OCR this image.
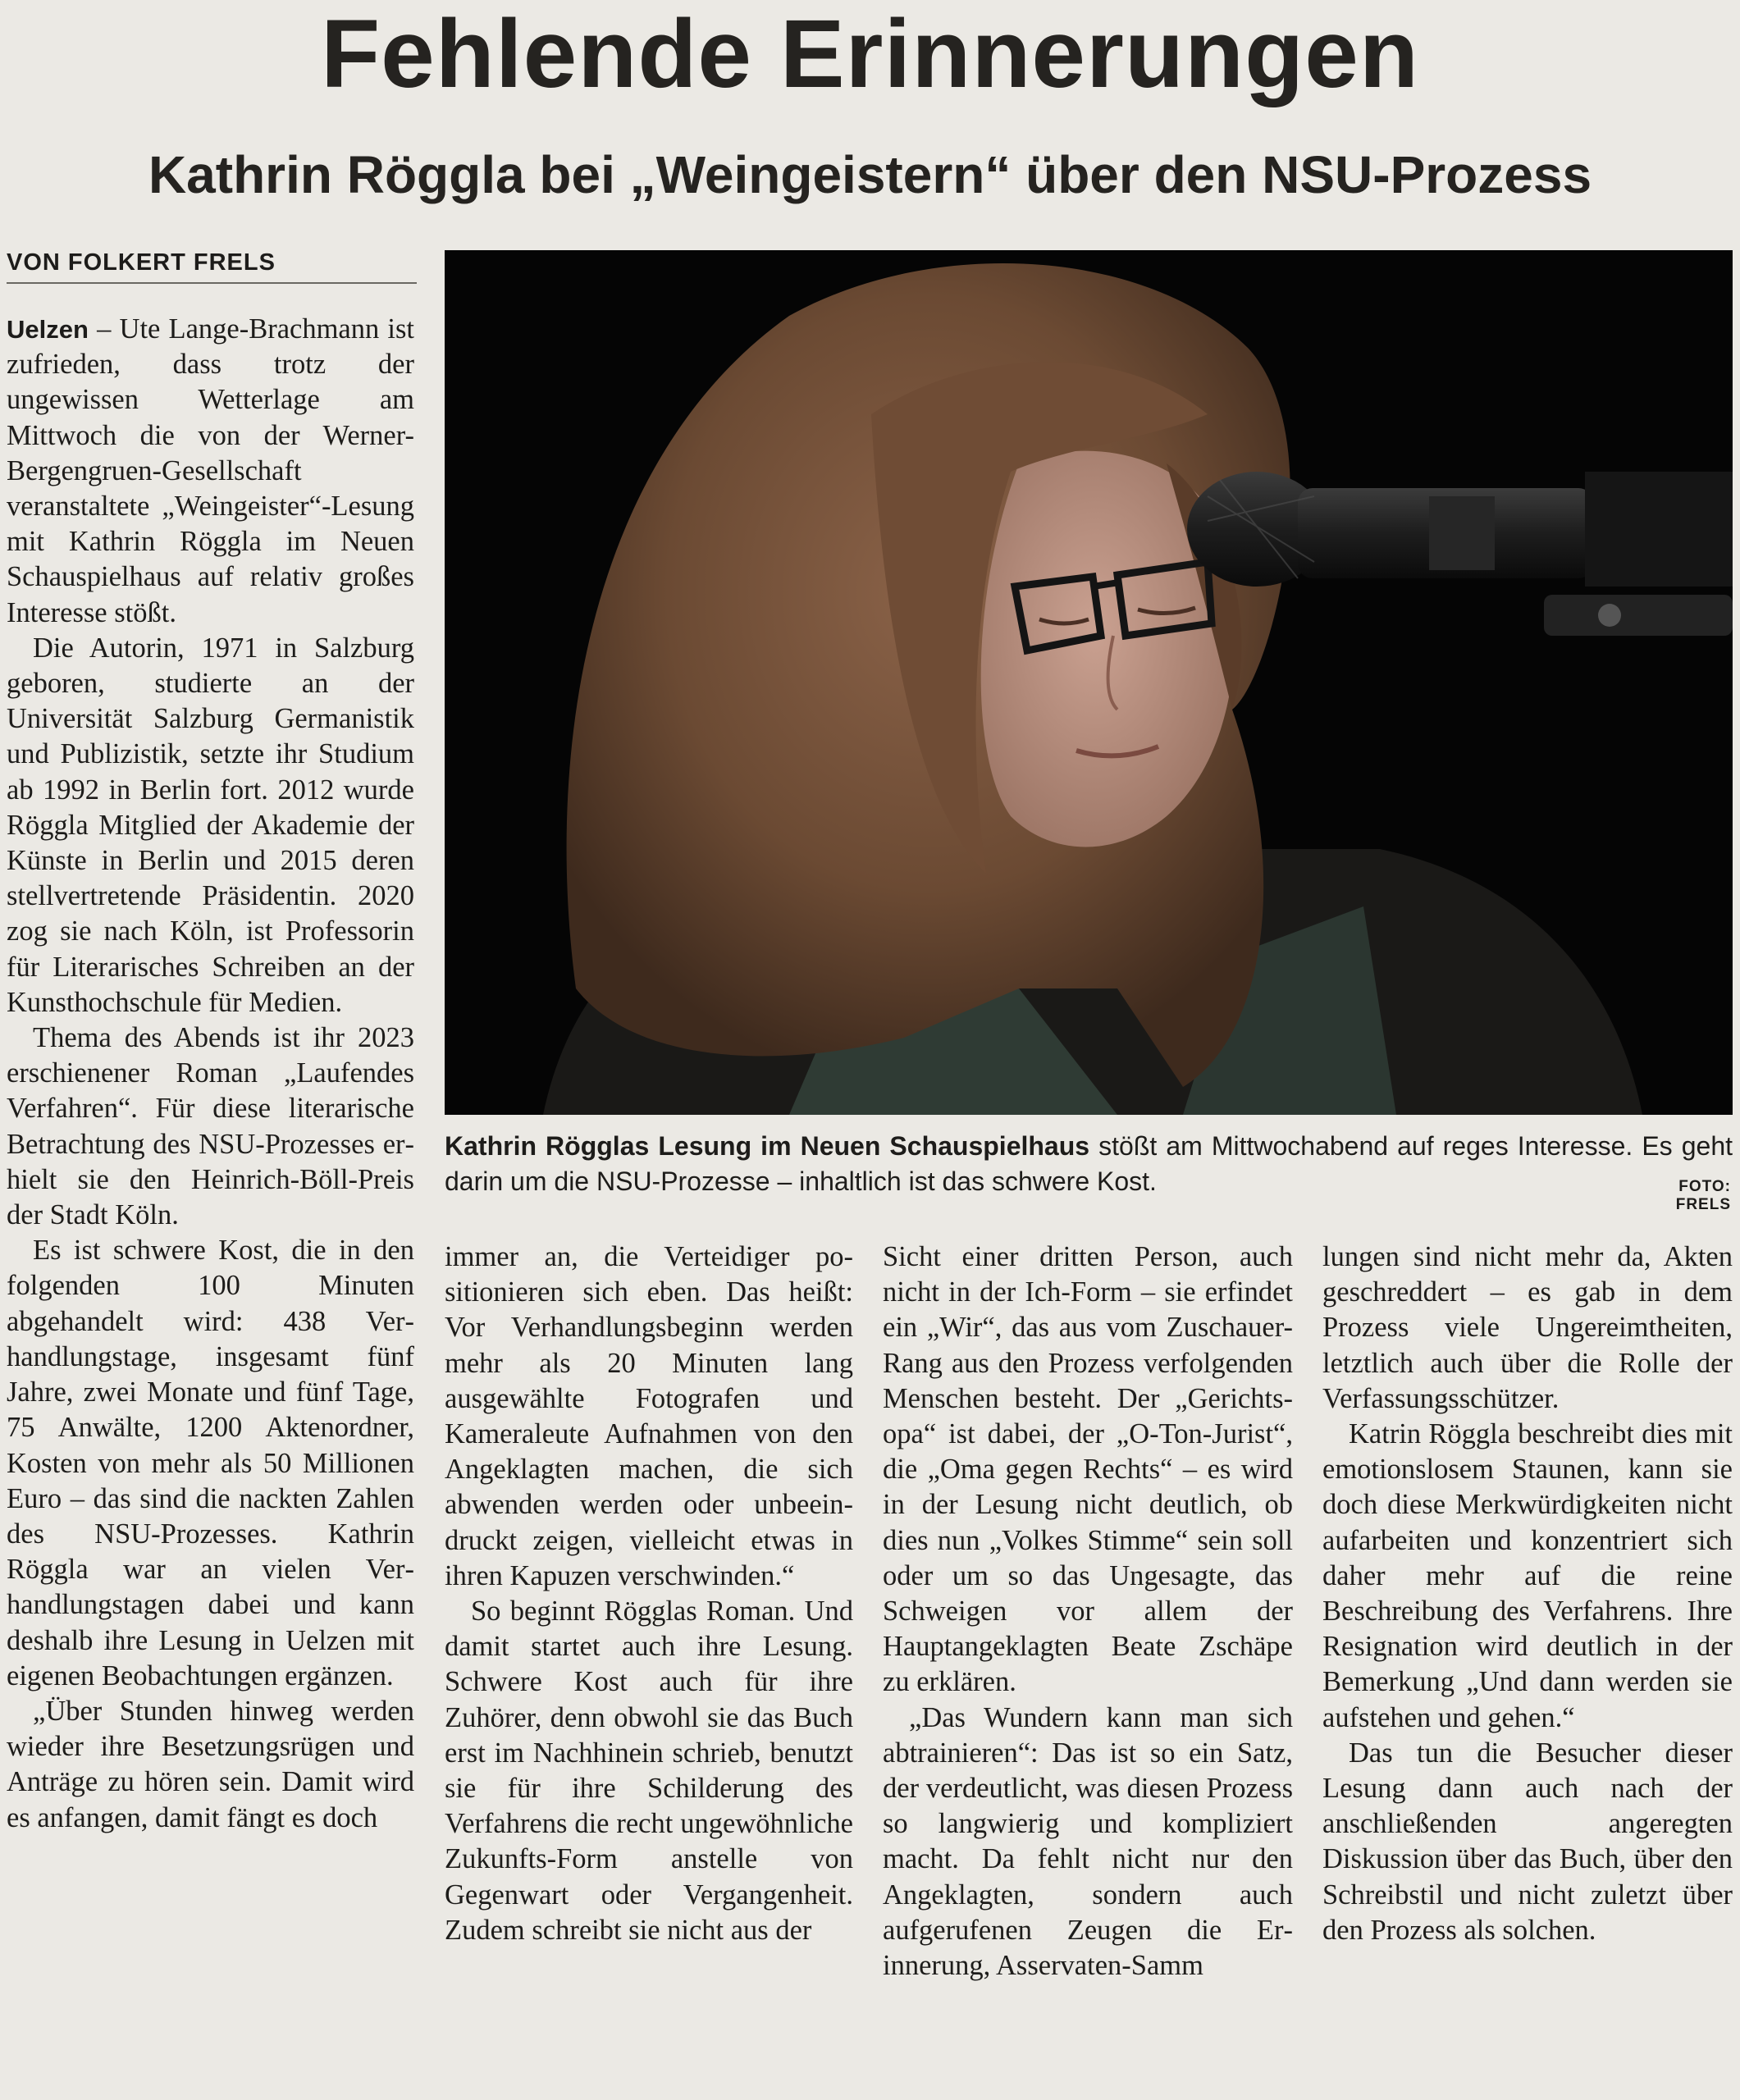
Fehlende Erinnerungen
Kathrin Röggla bei „Weingeistern“ über den NSU-Prozess
VON FOLKERT FRELS
Kathrin Rögglas Lesung im Neuen Schauspielhaus stößt am Mittwochabend auf reges Interesse. Es geht darin um die NSU-Prozesse – inhaltlich ist das schwere Kost.	FOTO: FRELS

Uelzen – Ute Lange-Brachmann ist zufrieden, dass trotz der ungewissen Wetterlage am Mittwoch die von der Werner-Bergengruen-Gesellschaft veranstaltete „Weingeister“-Lesung mit Kathrin Röggla im Neuen Schauspielhaus auf relativ großes Interesse stößt.

Die Autorin, 1971 in Salzburg geboren, studierte an der Universität Salzburg Germanistik und Publizistik, setzte ihr Studium ab 1992 in Berlin fort. 2012 wurde Röggla Mitglied der Akademie der Künste in Berlin und 2015 deren stellvertretende Präsidentin. 2020 zog sie nach Köln, ist Professorin für Literarisches Schreiben an der Kunsthochschule für Medien.

Thema des Abends ist ihr 2023 erschienener Roman „Laufendes Verfahren“. Für diese literarische Betrachtung des NSU-Prozesses erhielt sie den Heinrich-Böll-Preis der Stadt Köln.

Es ist schwere Kost, die in den folgenden 100 Minuten abgehandelt wird: 438 Verhandlungstage, insgesamt fünf Jahre, zwei Monate und fünf Tage, 75 Anwälte, 1200 Aktenordner, Kosten von mehr als 50 Millionen Euro – das sind die nackten Zahlen des NSU-Prozesses. Kathrin Röggla war an vielen Verhandlungstagen dabei und kann deshalb ihre Lesung in Uelzen mit eigenen Beobachtungen ergänzen.

„Über Stunden hinweg werden wieder ihre Besetzungsrügen und Anträge zu hören sein. Damit wird es anfangen, damit fängt es doch

immer an, die Verteidiger positionieren sich eben. Das heißt: Vor Verhandlungsbeginn werden mehr als 20 Minuten lang ausgewählte Fotografen und Kameraleute Aufnahmen von den Angeklagten machen, die sich abwenden werden oder unbeeindruckt zeigen, vielleicht etwas in ihren Kapuzen verschwinden.“

So beginnt Rögglas Roman. Und damit startet auch ihre Lesung. Schwere Kost auch für ihre Zuhörer, denn obwohl sie das Buch erst im Nachhinein schrieb, benutzt sie für ihre Schilderung des Verfahrens die recht ungewöhnliche Zukunfts-Form anstelle von Gegenwart oder Vergangenheit. Zudem schreibt sie nicht aus der

Sicht einer dritten Person, auch nicht in der Ich-Form – sie erfindet ein „Wir“, das aus vom Zuschauer-Rang aus den Prozess verfolgenden Menschen besteht. Der „Gerichtsopa“ ist dabei, der „O-Ton-Jurist“, die „Oma gegen Rechts“ – es wird in der Lesung nicht deutlich, ob dies nun „Volkes Stimme“ sein soll oder um so das Ungesagte, das Schweigen vor allem der Hauptangeklagten Beate Zschäpe zu erklären.

„Das Wundern kann man sich abtrainieren“: Das ist so ein Satz, der verdeutlicht, was diesen Prozess so langwierig und kompliziert macht. Da fehlt nicht nur den Angeklagten, sondern auch aufgerufenen Zeugen die Erinnerung, Asservaten-Samm

lungen sind nicht mehr da, Akten geschreddert – es gab in dem Prozess viele Ungereimtheiten, letztlich auch über die Rolle der Verfassungsschützer.

Katrin Röggla beschreibt dies mit emotionslosem Staunen, kann sie doch diese Merkwürdigkeiten nicht aufarbeiten und konzentriert sich daher mehr auf die reine Beschreibung des Verfahrens. Ihre Resignation wird deutlich in der Bemerkung „Und dann werden sie aufstehen und gehen.“

Das tun die Besucher dieser Lesung dann auch nach der anschließenden angeregten Diskussion über das Buch, über den Schreibstil und nicht zuletzt über den Prozess als solchen.
